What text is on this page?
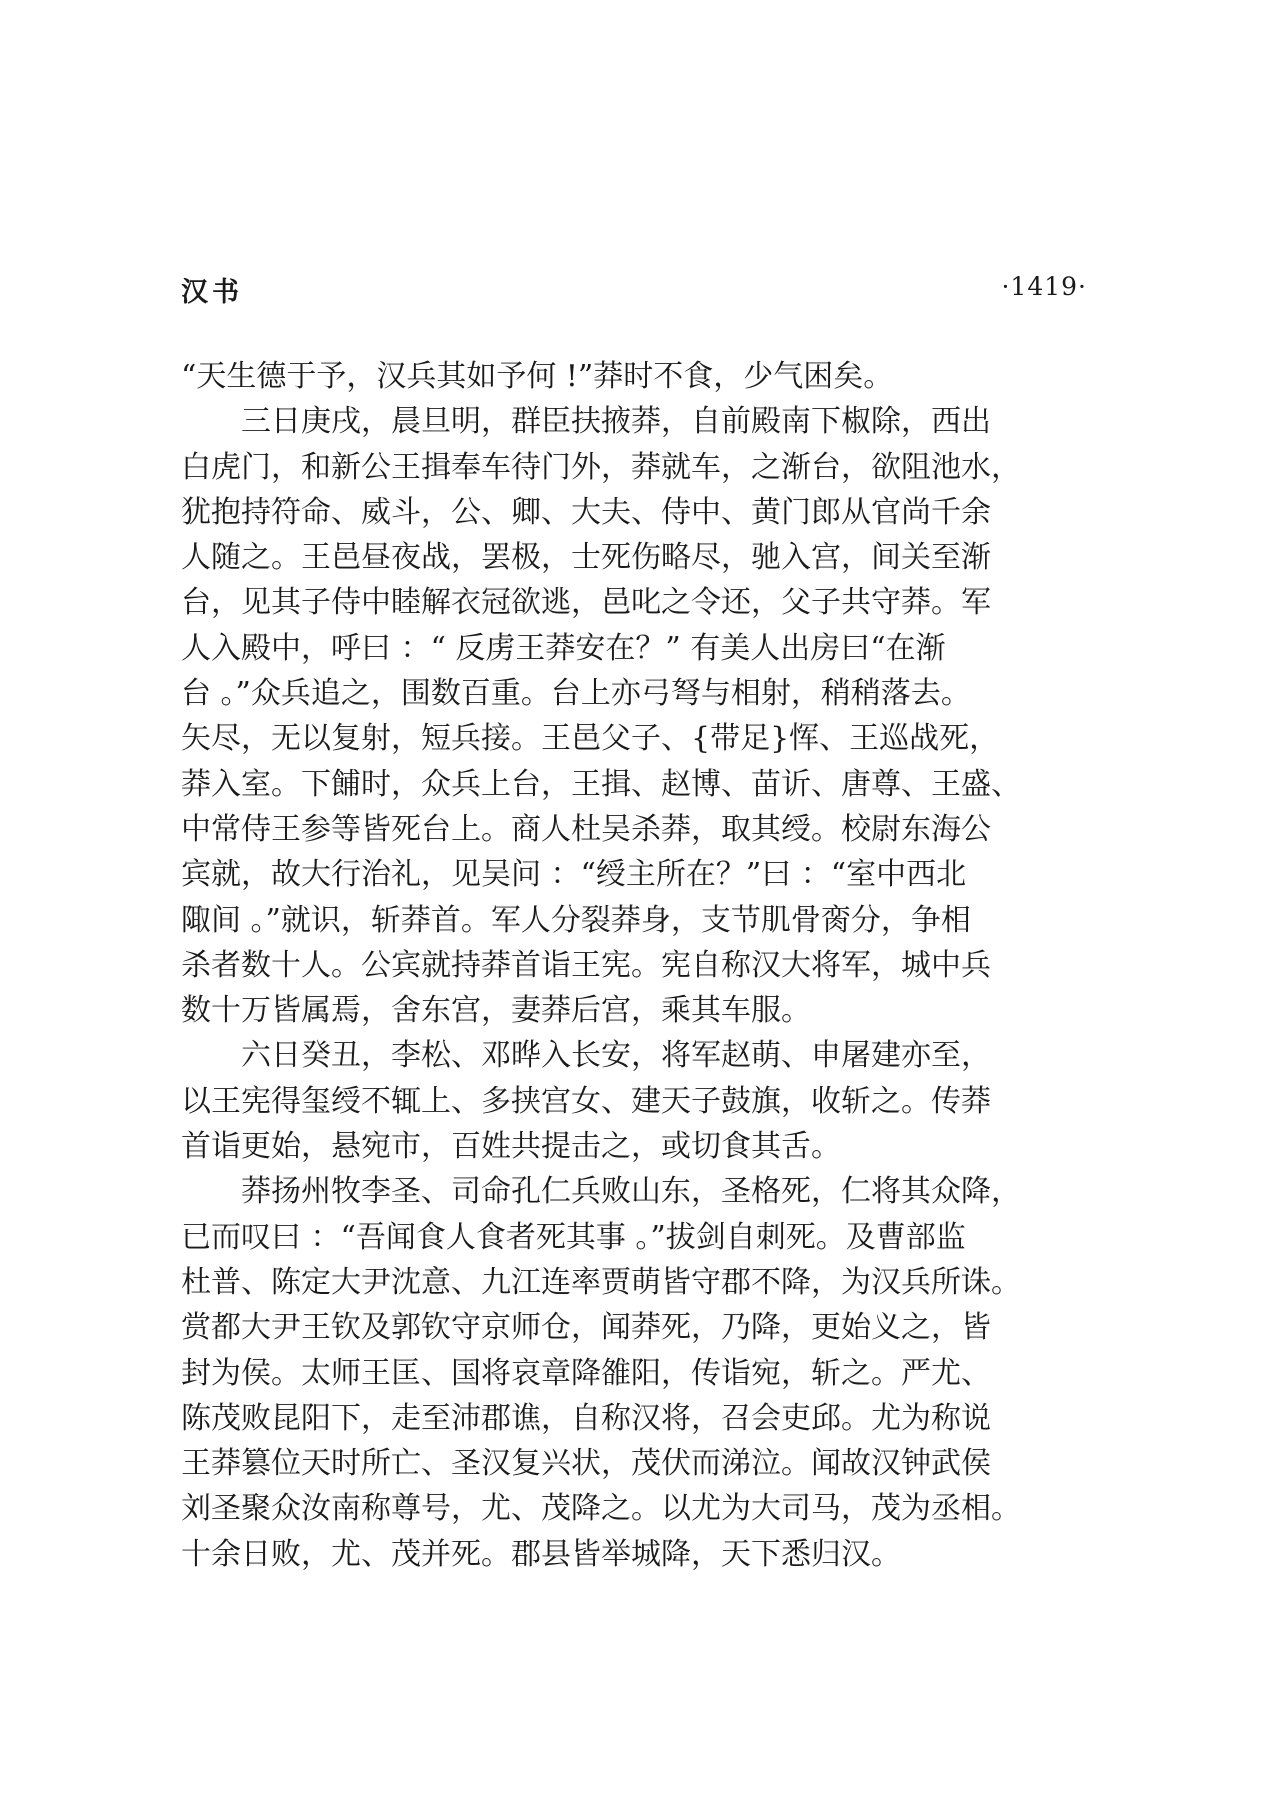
汉书	·1419·
“天生德于予，汉兵其如予何 !”莽时不食，少气困矣。
　　三日庚戌，晨旦明，群臣扶掖莽，自前殿南下椒除，西出
白虎门，和新公王揖奉车待门外，莽就车，之渐台，欲阻池水，
犹抱持符命、威斗，公、卿、大夫、侍中、黄门郎从官尚千余
人随之。王邑昼夜战，罢极，士死伤略尽，驰入宫，间关至渐
台，见其子侍中睦解衣冠欲逃，邑叱之令还，父子共守莽。军
人入殿中，呼曰 ：“ 反虏王莽安在？” 有美人出房曰“在渐
台 。”众兵追之，围数百重。台上亦弓弩与相射，稍稍落去。
矢尽，无以复射，短兵接。王邑父子、{带足}恽、王巡战死，
莽入室。下餔时，众兵上台，王揖、赵博、苗䜣、唐尊、王盛、
中常侍王参等皆死台上。商人杜吴杀莽，取其绶。校尉东海公
宾就，故大行治礼，见吴问 ：“绶主所在？”曰 ：“室中西北
陬间 。”就识，斩莽首。军人分裂莽身，支节肌骨脔分，争相
杀者数十人。公宾就持莽首诣王宪。宪自称汉大将军，城中兵
数十万皆属焉，舍东宫，妻莽后宫，乘其车服。
　　六日癸丑，李松、邓晔入长安，将军赵萌、申屠建亦至，
以王宪得玺绶不辄上、多挟宫女、建天子鼓旗，收斩之。传莽
首诣更始，悬宛市，百姓共提击之，或切食其舌。
　　莽扬州牧李圣、司命孔仁兵败山东，圣格死，仁将其众降，
已而叹曰 ：“吾闻食人食者死其事 。”拔剑自刺死。及曹部监
杜普、陈定大尹沈意、九江连率贾萌皆守郡不降，为汉兵所诛。
赏都大尹王钦及郭钦守京师仓，闻莽死，乃降，更始义之，皆
封为侯。太师王匡、国将哀章降雒阳，传诣宛，斩之。严尤、
陈茂败昆阳下，走至沛郡谯，自称汉将，召会吏邱。尤为称说
王莽篡位天时所亡、圣汉复兴状，茂伏而涕泣。闻故汉钟武侯
刘圣聚众汝南称尊号，尤、茂降之。以尤为大司马，茂为丞相。
十余日败，尤、茂并死。郡县皆举城降，天下悉归汉。
